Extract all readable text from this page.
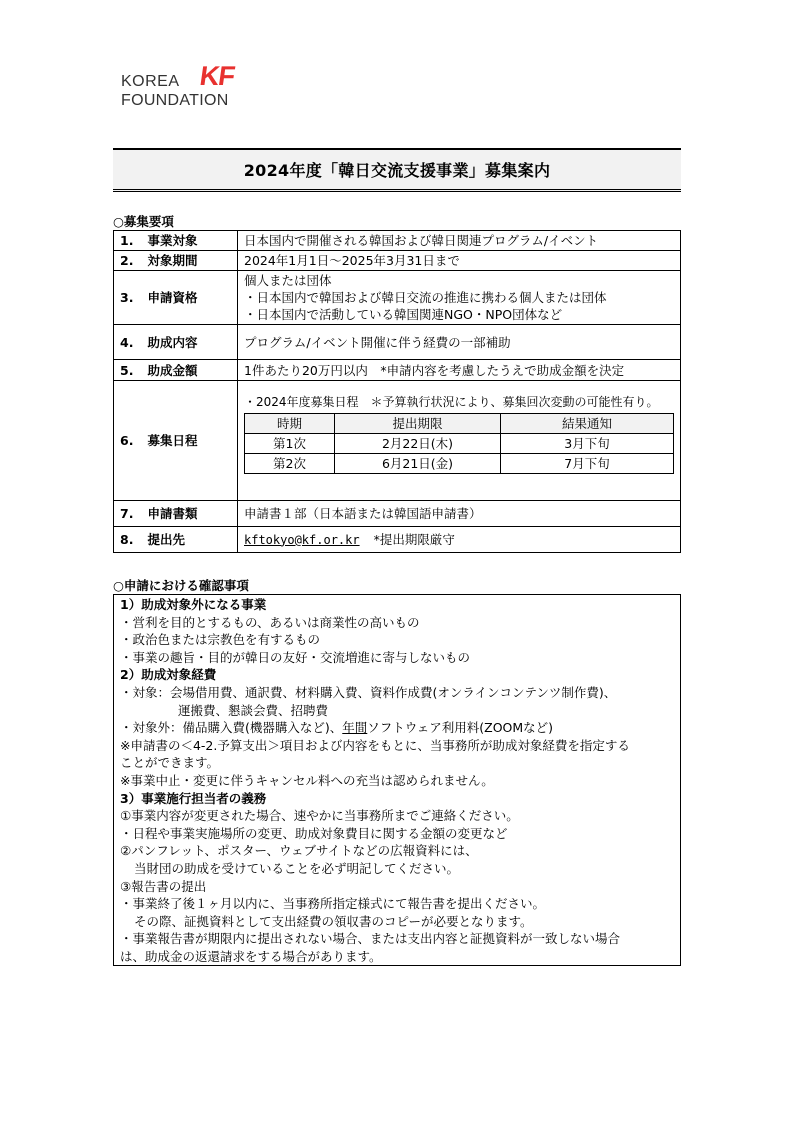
KOREA KF
FOUNDATION
2024年度「韓日交流支援事業」募集案内
○募集要項
1.	事業対象	日本国内で開催される韓国および韓日関連プログラム/イベント
2.	対象期間	2024年1月1日～2025年3月31日まで
3.	申請資格	
個人または団体
・日本国内で韓国および韓日交流の推進に携わる個人または団体
・日本国内で活動している韓国関連NGO・NPO団体など

4.	助成内容	プログラム/イベント開催に伴う経費の一部補助
5.	助成金額	1件あたり20万円以内　*申請内容を考慮したうえで助成金額を決定
6.	募集日程	
・2024年度募集日程　＊予算執行状況により、募集回次変動の可能性有り。
時期	提出期限	結果通知
第1次	2月22日(木)	3月下旬
第2次	6月21日(金)	7月下旬

7.	申請書類	申請書１部（日本語または韓国語申請書）
8.	提出先	kftokyo@kf.or.kr *提出期限厳守
○申請における確認事項
1）助成対象外になる事業
・営利を目的とするもの、あるいは商業性の高いもの
・政治色または宗教色を有するもの
・事業の趣旨・目的が韓日の友好・交流増進に寄与しないもの
2）助成対象経費
・対象：会場借用費、通訳費、材料購入費、資料作成費(オンラインコンテンツ制作費)、
運搬費、懇談会費、招聘費
・対象外：備品購入費(機器購入など)、年間ソフトウェア利用料(ZOOMなど)
※申請書の＜4-2.予算支出＞項目および内容をもとに、当事務所が助成対象経費を指定する
ことができます。
※事業中止・変更に伴うキャンセル料への充当は認められません。
3）事業施行担当者の義務
①事業内容が変更された場合、速やかに当事務所までご連絡ください。
・日程や事業実施場所の変更、助成対象費目に関する金額の変更など
②パンフレット、ポスター、ウェブサイトなどの広報資料には、
当財団の助成を受けていることを必ず明記してください。
③報告書の提出
・事業終了後１ヶ月以内に、当事務所指定様式にて報告書を提出ください。
その際、証拠資料として支出経費の領収書のコピーが必要となります。
・事業報告書が期限内に提出されない場合、または支出内容と証拠資料が一致しない場合
は、助成金の返還請求をする場合があります。
